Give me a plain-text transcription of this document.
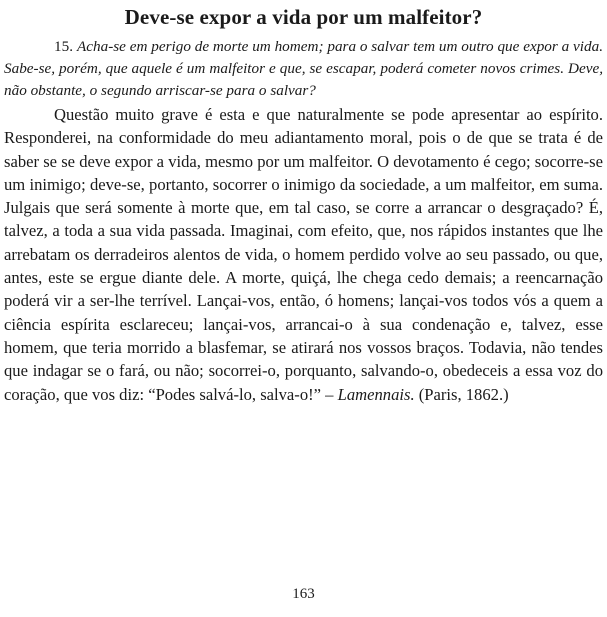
Deve-se expor a vida por um malfeitor?

15. Acha-se em perigo de morte um homem; para o salvar tem um outro que expor a vida. Sabe-se, porém, que aquele é um malfeitor e que, se escapar, poderá cometer novos crimes. Deve, não obstante, o segundo arriscar-se para o salvar?

Questão muito grave é esta e que naturalmente se pode apresentar ao espírito. Responderei, na conformidade do meu adiantamento moral, pois o de que se trata é de saber se se deve expor a vida, mesmo por um malfeitor. O devotamento é cego; socorre-se um inimigo; deve-se, portanto, socorrer o inimigo da sociedade, a um malfeitor, em suma. Julgais que será somente à morte que, em tal caso, se corre a arrancar o desgraçado? É, talvez, a toda a sua vida passada. Imaginai, com efeito, que, nos rápidos instantes que lhe arrebatam os derradeiros alentos de vida, o homem perdido volve ao seu passado, ou que, antes, este se ergue diante dele. A morte, quiçá, lhe chega cedo demais; a reencarnação poderá vir a ser-lhe terrível. Lançai-vos, então, ó homens; lançai-vos todos vós a quem a ciência espírita esclareceu; lançai-vos, arrancai-o à sua condenação e, talvez, esse homem, que teria morrido a blasfemar, se atirará nos vossos braços. Todavia, não tendes que indagar se o fará, ou não; socorrei-o, porquanto, salvando-o, obedeceis a essa voz do coração, que vos diz: “Podes salvá-lo, salva-o!” – Lamennais. (Paris, 1862.)

163
